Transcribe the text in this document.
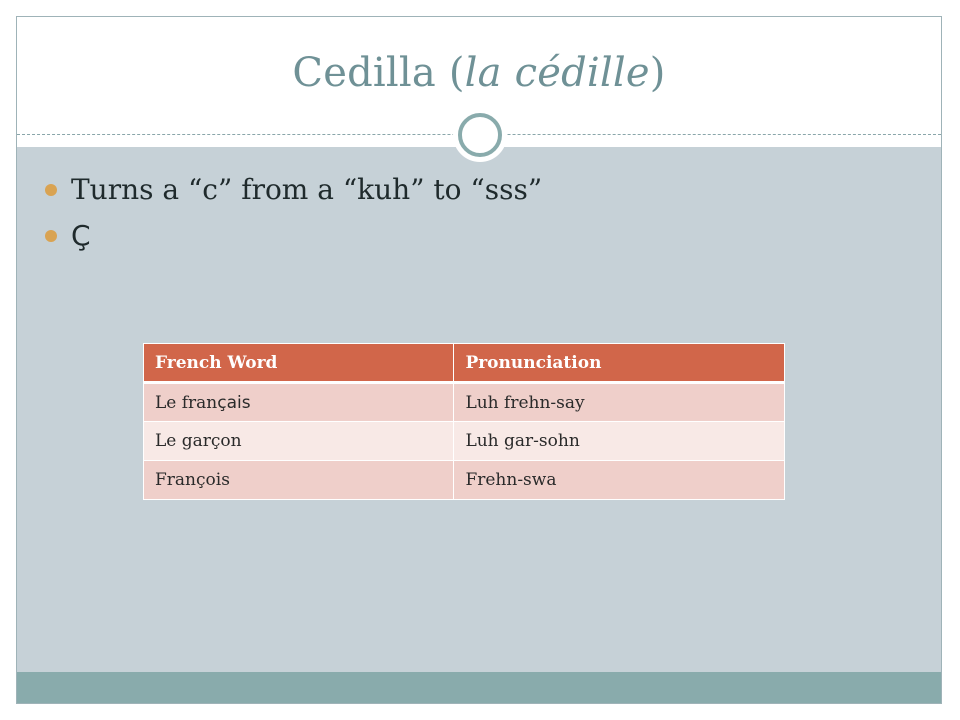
Cedilla (la cédille)
Turns a “c” from a “kuh” to “sss”
Ç
French Word	Pronunciation
Le français	Luh frehn-say
Le garçon	Luh gar-sohn
François	Frehn-swa
